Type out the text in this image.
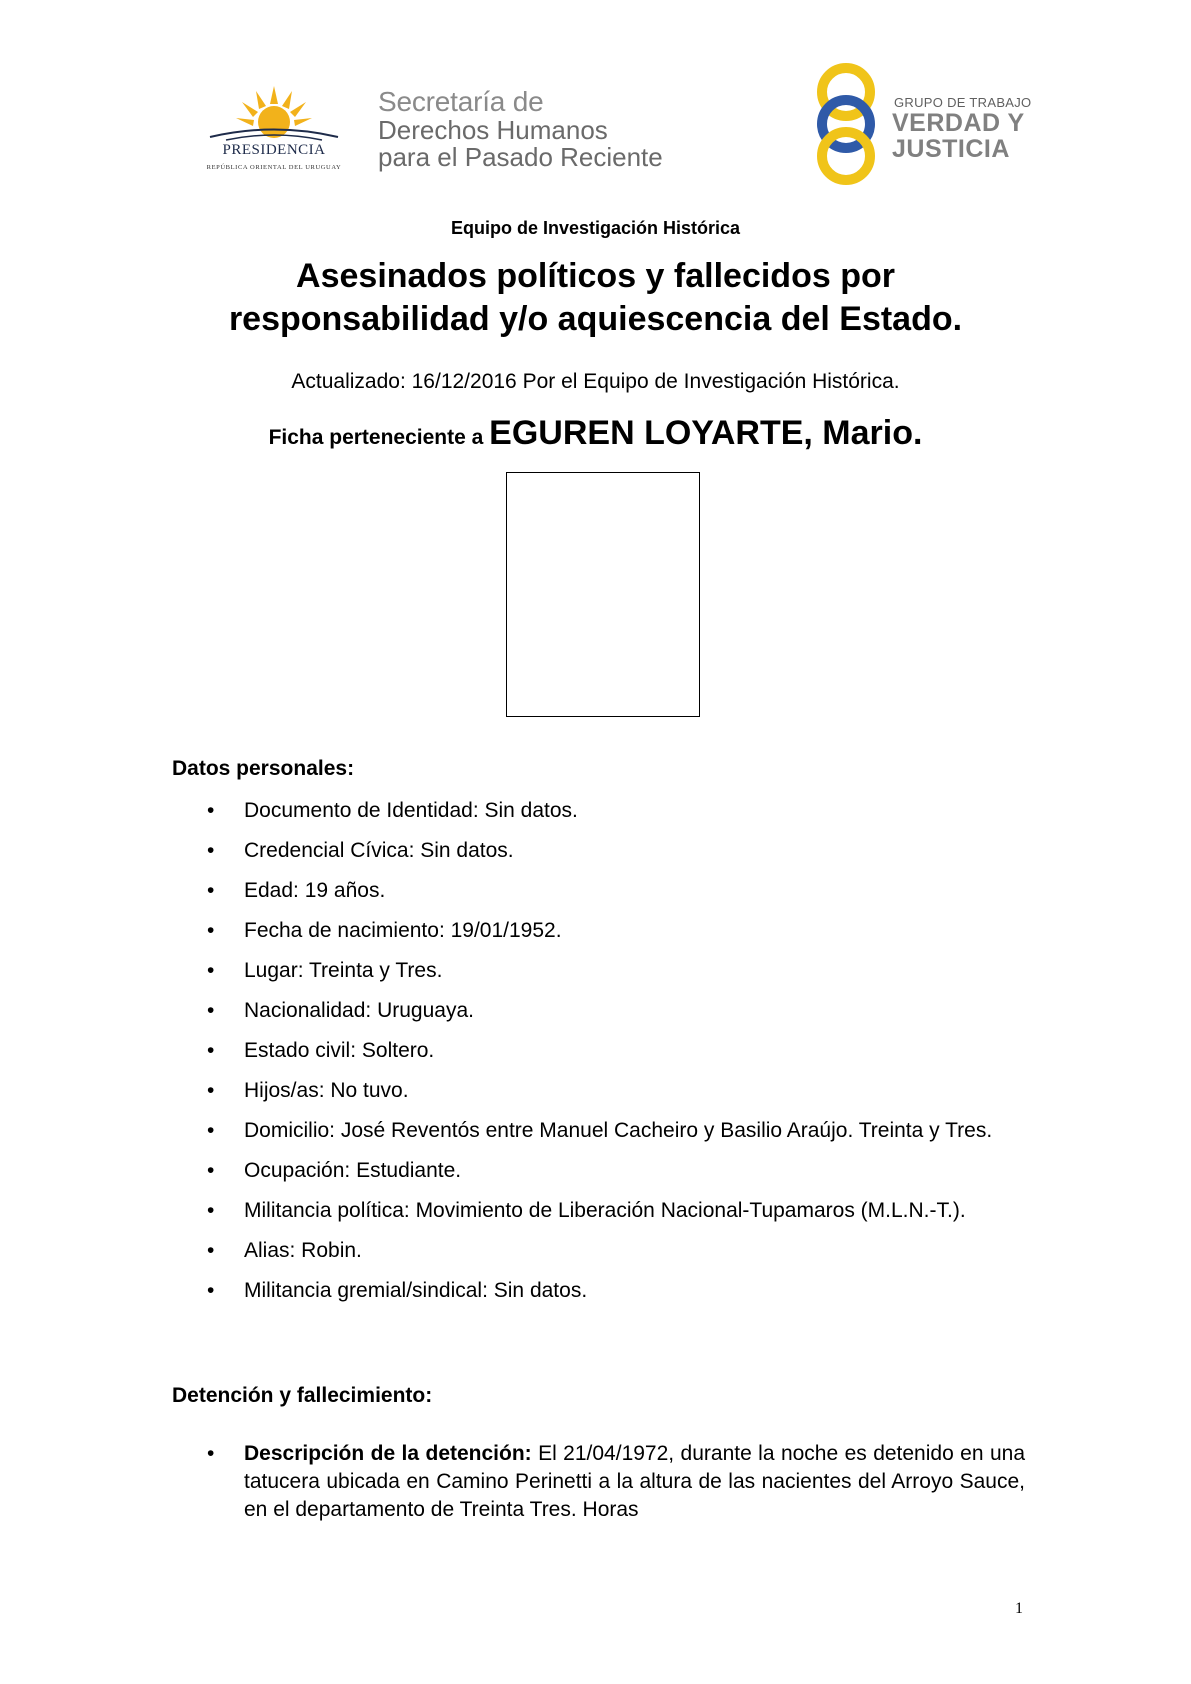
PRESIDENCIA
REPÚBLICA ORIENTAL DEL URUGUAY
Secretaría de
Derechos Humanos
para el Pasado Reciente
GRUPO DE TRABAJO
VERDAD Y
JUSTICIA
Equipo de Investigación Histórica
Asesinados políticos y fallecidos por
responsabilidad y/o aquiescencia del Estado.
Actualizado: 16/12/2016 Por el Equipo de Investigación Histórica.
Ficha perteneciente a EGUREN LOYARTE, Mario.
Datos personales:
• Documento de Identidad: Sin datos.
• Credencial Cívica: Sin datos.
• Edad: 19 años.
• Fecha de nacimiento: 19/01/1952.
• Lugar: Treinta y Tres.
• Nacionalidad: Uruguaya.
• Estado civil: Soltero.
• Hijos/as: No tuvo.
• Domicilio: José Reventós entre Manuel Cacheiro y Basilio Araújo. Treinta y Tres.
• Ocupación: Estudiante.
• Militancia política: Movimiento de Liberación Nacional-Tupamaros (M.L.N.-T.).
• Alias: Robin.
• Militancia gremial/sindical: Sin datos.
Detención y fallecimiento:
• Descripción de la detención: El 21/04/1972, durante la noche es detenido en una tatucera ubicada en Camino Perinetti a la altura de las nacientes del Arroyo Sauce, en el departamento de Treinta Tres. Horas
1
